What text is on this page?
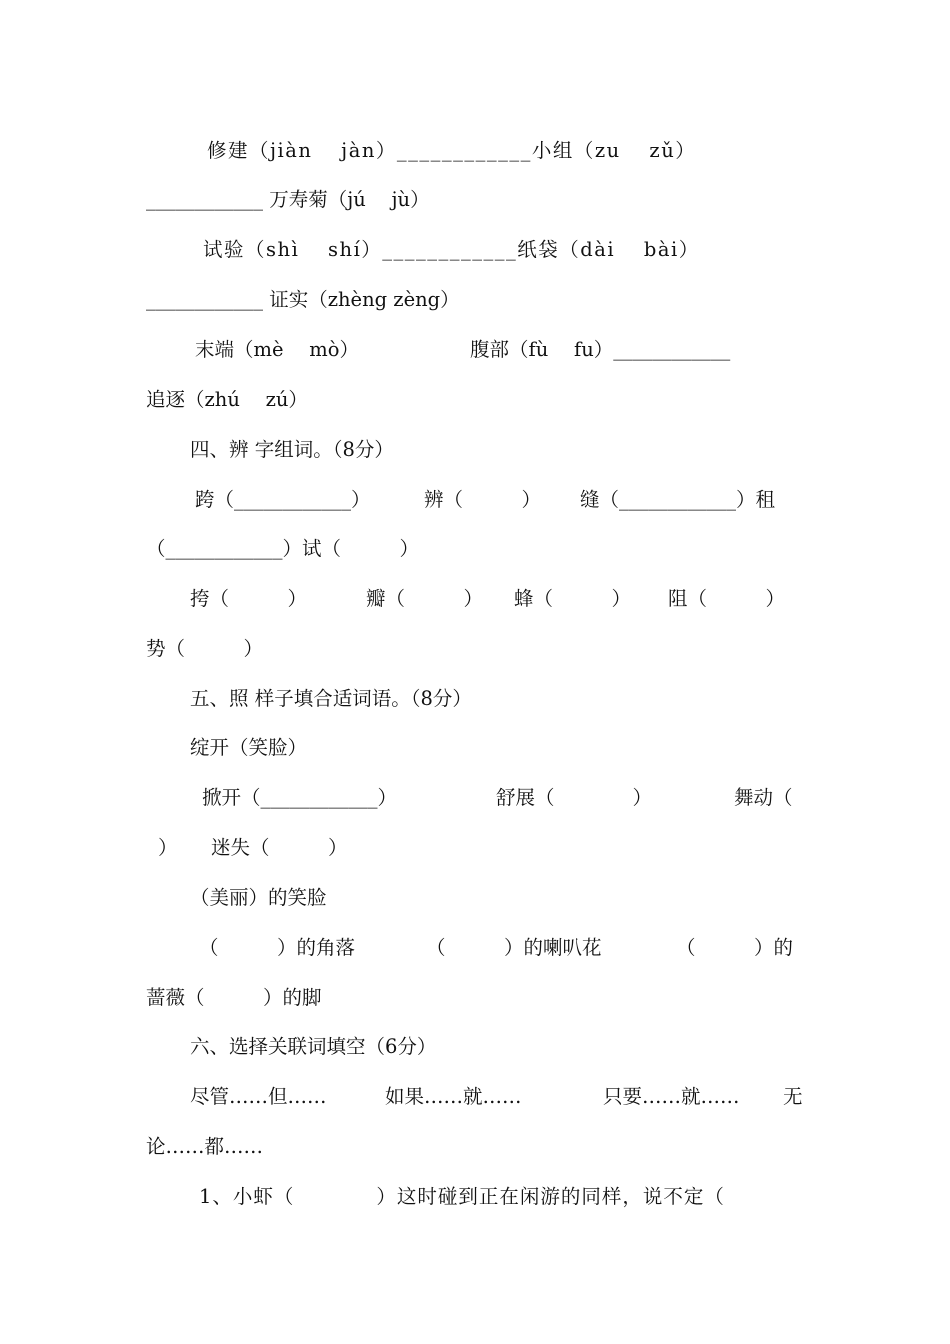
修建（jiàn　 jàn）____________小组（zu　 zǔ）

____________ 万寿菊（jú　 jù）

试验（shì　 shí）____________纸袋（dài　 bài）

____________ 证实（zhèng zèng）

末端（mè　 mò）

	腹部（fù　 fu）____________

追逐（zhú　 zú）

四、辨 字组词。（8分）

跨（____________）

	辨（　　　）

缝（____________）租

（____________）试（　　　）

挎（　　　）

	瓣（　　　）

蜂（　　　）

阻（　　　）

势（　　　）

五、照 样子填合适词语。（8分）

绽开（笑脸）

掀开（____________）

	舒展（　　　　）

	舞动（

）

迷失（　　　）

（美丽）的笑脸

（　　　）的角落

	（　　　）的喇叭花

	（　　　）的

蔷薇（　　　）的脚

六、选择关联词填空（6分）

尽管……但……

	如果……就……

	只要……就……

无

论……都……

1、小虾（　　　　）这时碰到正在闲游的同样，说不定（
